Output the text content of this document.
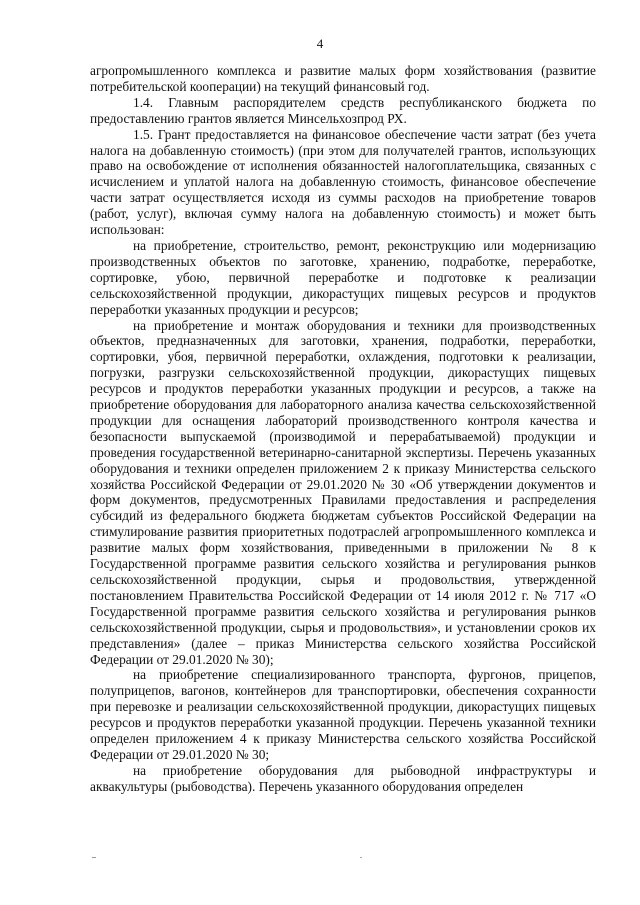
4

агропромышленного комплекса и развитие малых форм хозяйствования (развитие потребительской кооперации) на текущий финансовый год.

1.4. Главным распорядителем средств республиканского бюджета по предоставлению грантов является Минсельхозпрод РХ.

1.5. Грант предоставляется на финансовое обеспечение части затрат (без учета налога на добавленную стоимость) (при этом для получателей грантов, использующих право на освобождение от исполнения обязанностей налогоплательщика, связанных с исчислением и уплатой налога на добавленную стоимость, финансовое обеспечение части затрат осуществляется исходя из суммы расходов на приобретение товаров (работ, услуг), включая сумму налога на добавленную стоимость) и может быть использован:

на приобретение, строительство, ремонт, реконструкцию или модернизацию производственных объектов по заготовке, хранению, подработке, переработке, сортировке, убою, первичной переработке и подготовке к реализации сельскохозяйственной продукции, дикорастущих пищевых ресурсов и продуктов переработки указанных продукции и ресурсов;

на приобретение и монтаж оборудования и техники для производственных объектов, предназначенных для заготовки, хранения, подработки, переработки, сортировки, убоя, первичной переработки, охлаждения, подготовки к реализации, погрузки, разгрузки сельскохозяйственной продукции, дикорастущих пищевых ресурсов и продуктов переработки указанных продукции и ресурсов, а также на приобретение оборудования для лабораторного анализа качества сельскохозяйственной продукции для оснащения лабораторий производственного контроля качества и безопасности выпускаемой (производимой и перерабатываемой) продукции и проведения государственной ветеринарно-санитарной экспертизы. Перечень указанных оборудования и техники определен приложением 2 к приказу Министерства сельского хозяйства Российской Федерации от 29.01.2020 № 30 «Об утверждении документов и форм документов, предусмотренных Правилами предоставления и распределения субсидий из федерального бюджета бюджетам субъектов Российской Федерации на стимулирование развития приоритетных подотраслей агропромышленного комплекса и развитие малых форм хозяйствования, приведенными в приложении № 8 к Государственной программе развития сельского хозяйства и регулирования рынков сельскохозяйственной продукции, сырья и продовольствия, утвержденной постановлением Правительства Российской Федерации от 14 июля 2012 г. № 717 «О Государственной программе развития сельского хозяйства и регулирования рынков сельскохозяйственной продукции, сырья и продовольствия», и установлении сроков их представления» (далее – приказ Министерства сельского хозяйства Российской Федерации от 29.01.2020 № 30);

на приобретение специализированного транспорта, фургонов, прицепов, полуприцепов, вагонов, контейнеров для транспортировки, обеспечения сохранности при перевозке и реализации сельскохозяйственной продукции, дикорастущих пищевых ресурсов и продуктов переработки указанной продукции. Перечень указанной техники определен приложением 4 к приказу Министерства сельского хозяйства Российской Федерации от 29.01.2020 № 30;

на приобретение оборудования для рыбоводной инфраструктуры и аквакультуры (рыбоводства). Перечень указанного оборудования определен
